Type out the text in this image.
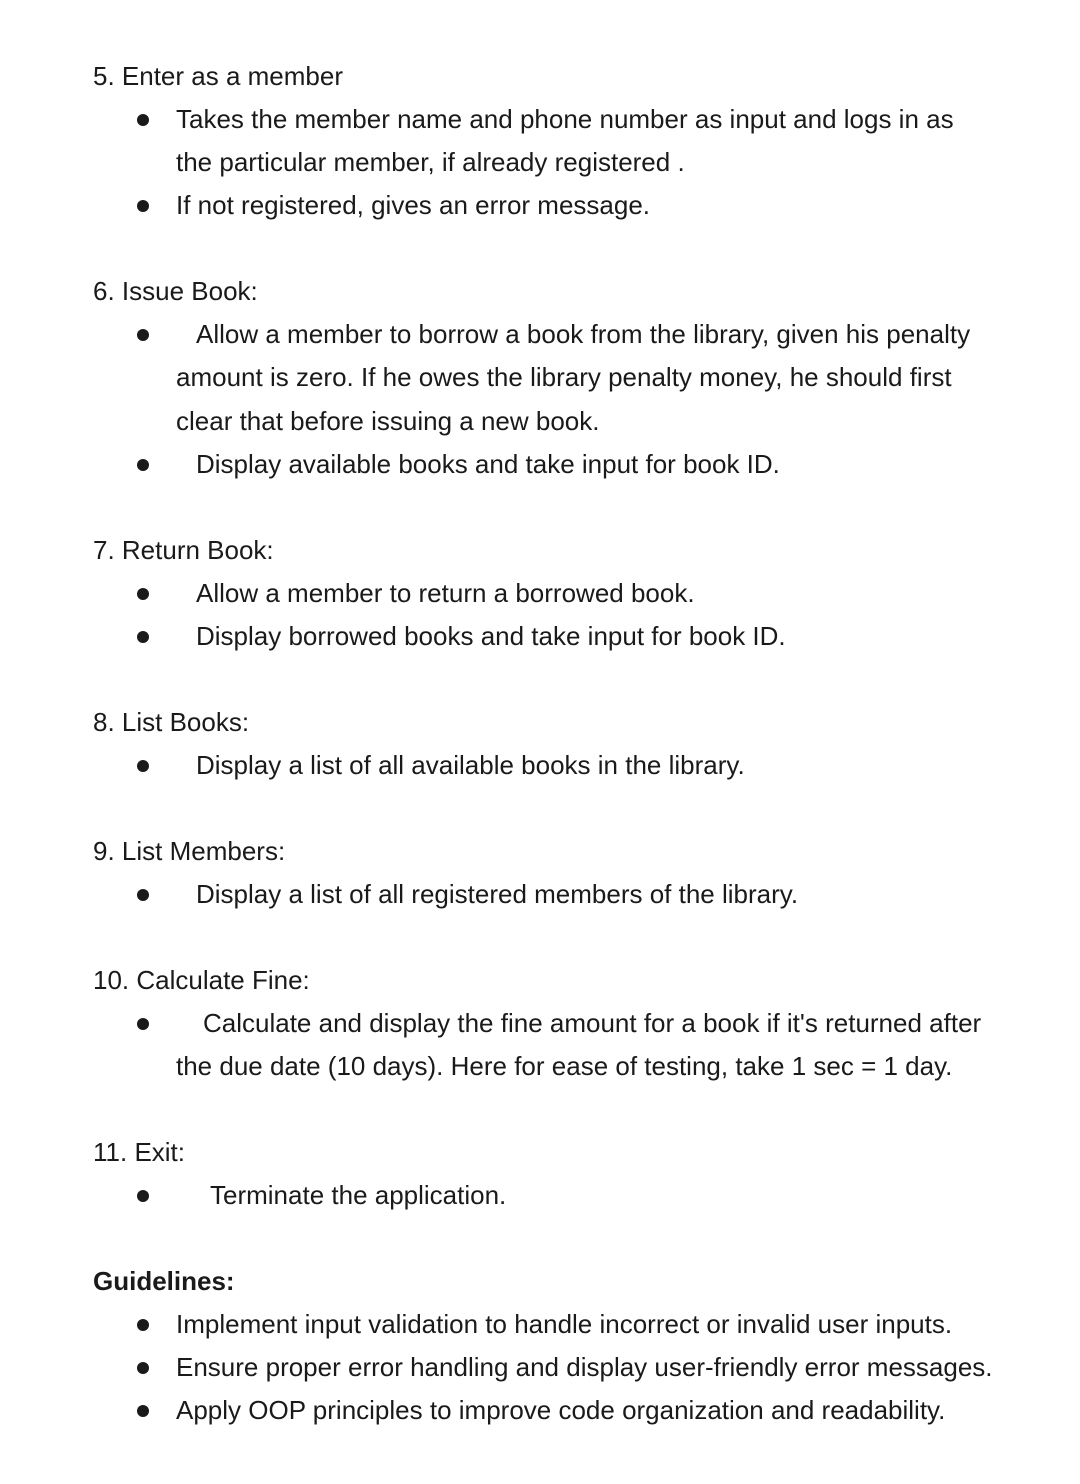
5. Enter as a member
Takes the member name and phone number as input and logs in as
the particular member, if already registered .
If not registered, gives an error message.
6. Issue Book:
Allow a member to borrow a book from the library, given his penalty
amount is zero. If he owes the library penalty money, he should first
clear that before issuing a new book.
Display available books and take input for book ID.
7. Return Book:
Allow a member to return a borrowed book.
Display borrowed books and take input for book ID.
8. List Books:
Display a list of all available books in the library.
9. List Members:
Display a list of all registered members of the library.
10. Calculate Fine:
Calculate and display the fine amount for a book if it's returned after
the due date (10 days). Here for ease of testing, take 1 sec = 1 day.
11. Exit:
Terminate the application.
Guidelines:
Implement input validation to handle incorrect or invalid user inputs.
Ensure proper error handling and display user-friendly error messages.
Apply OOP principles to improve code organization and readability.
